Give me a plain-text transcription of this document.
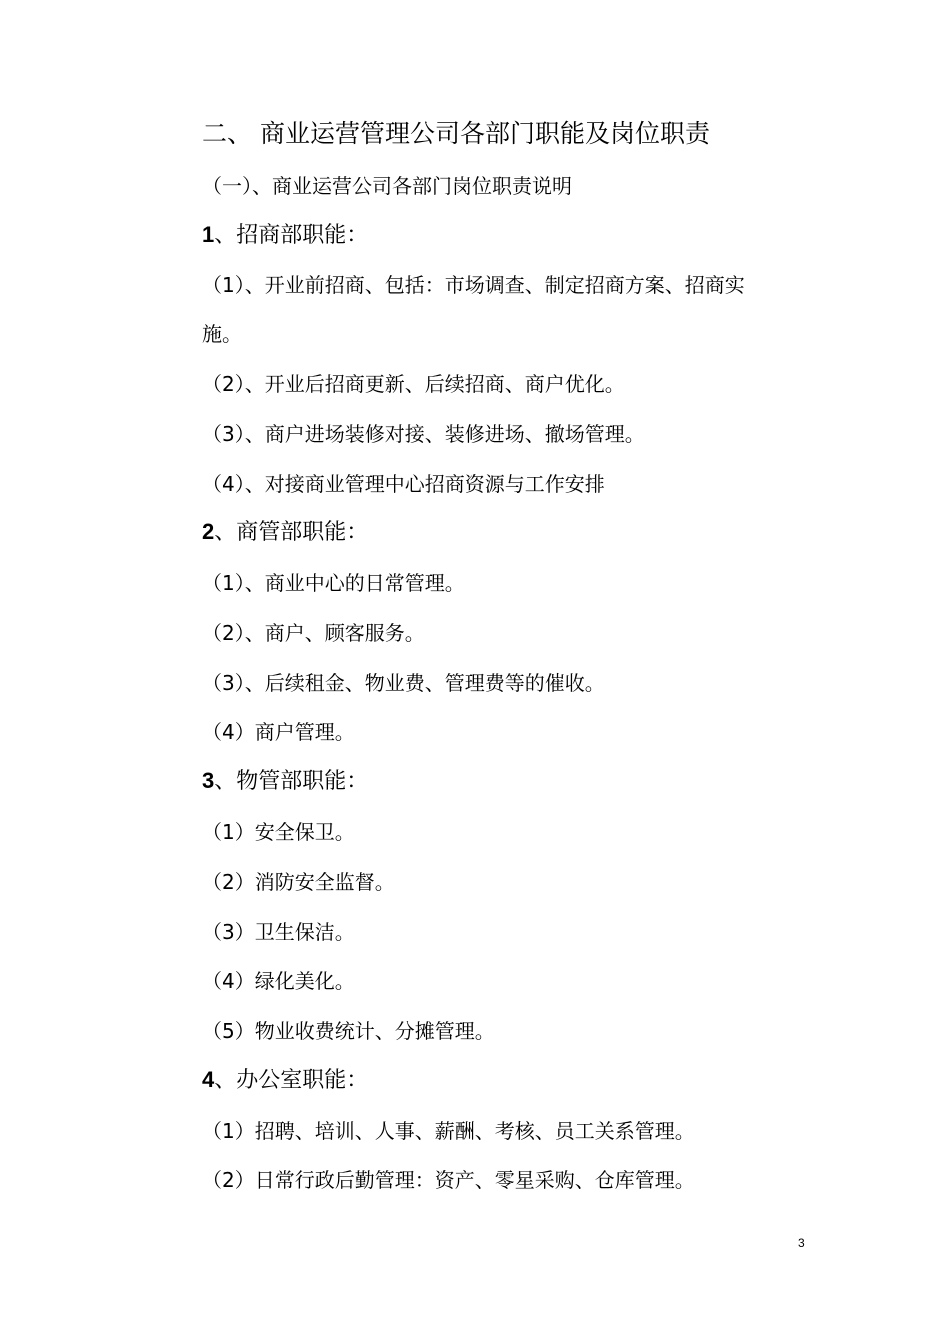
二、 商业运营管理公司各部门职能及岗位职责
（一）、商业运营公司各部门岗位职责说明
1、招商部职能：
（1）、开业前招商、包括：市场调查、制定招商方案、招商实
施。
（2）、开业后招商更新、后续招商、商户优化。
（3）、商户进场装修对接、装修进场、撤场管理。
（4）、对接商业管理中心招商资源与工作安排
2、商管部职能：
（1）、商业中心的日常管理。
（2）、商户、顾客服务。
（3）、后续租金、物业费、管理费等的催收。
（4）商户管理。
3、物管部职能：
（1）安全保卫。
（2）消防安全监督。
（3）卫生保洁。
（4）绿化美化。
（5）物业收费统计、分摊管理。
4、办公室职能：
（1）招聘、培训、人事、薪酬、考核、员工关系管理。
（2）日常行政后勤管理：资产、零星采购、仓库管理。
3
